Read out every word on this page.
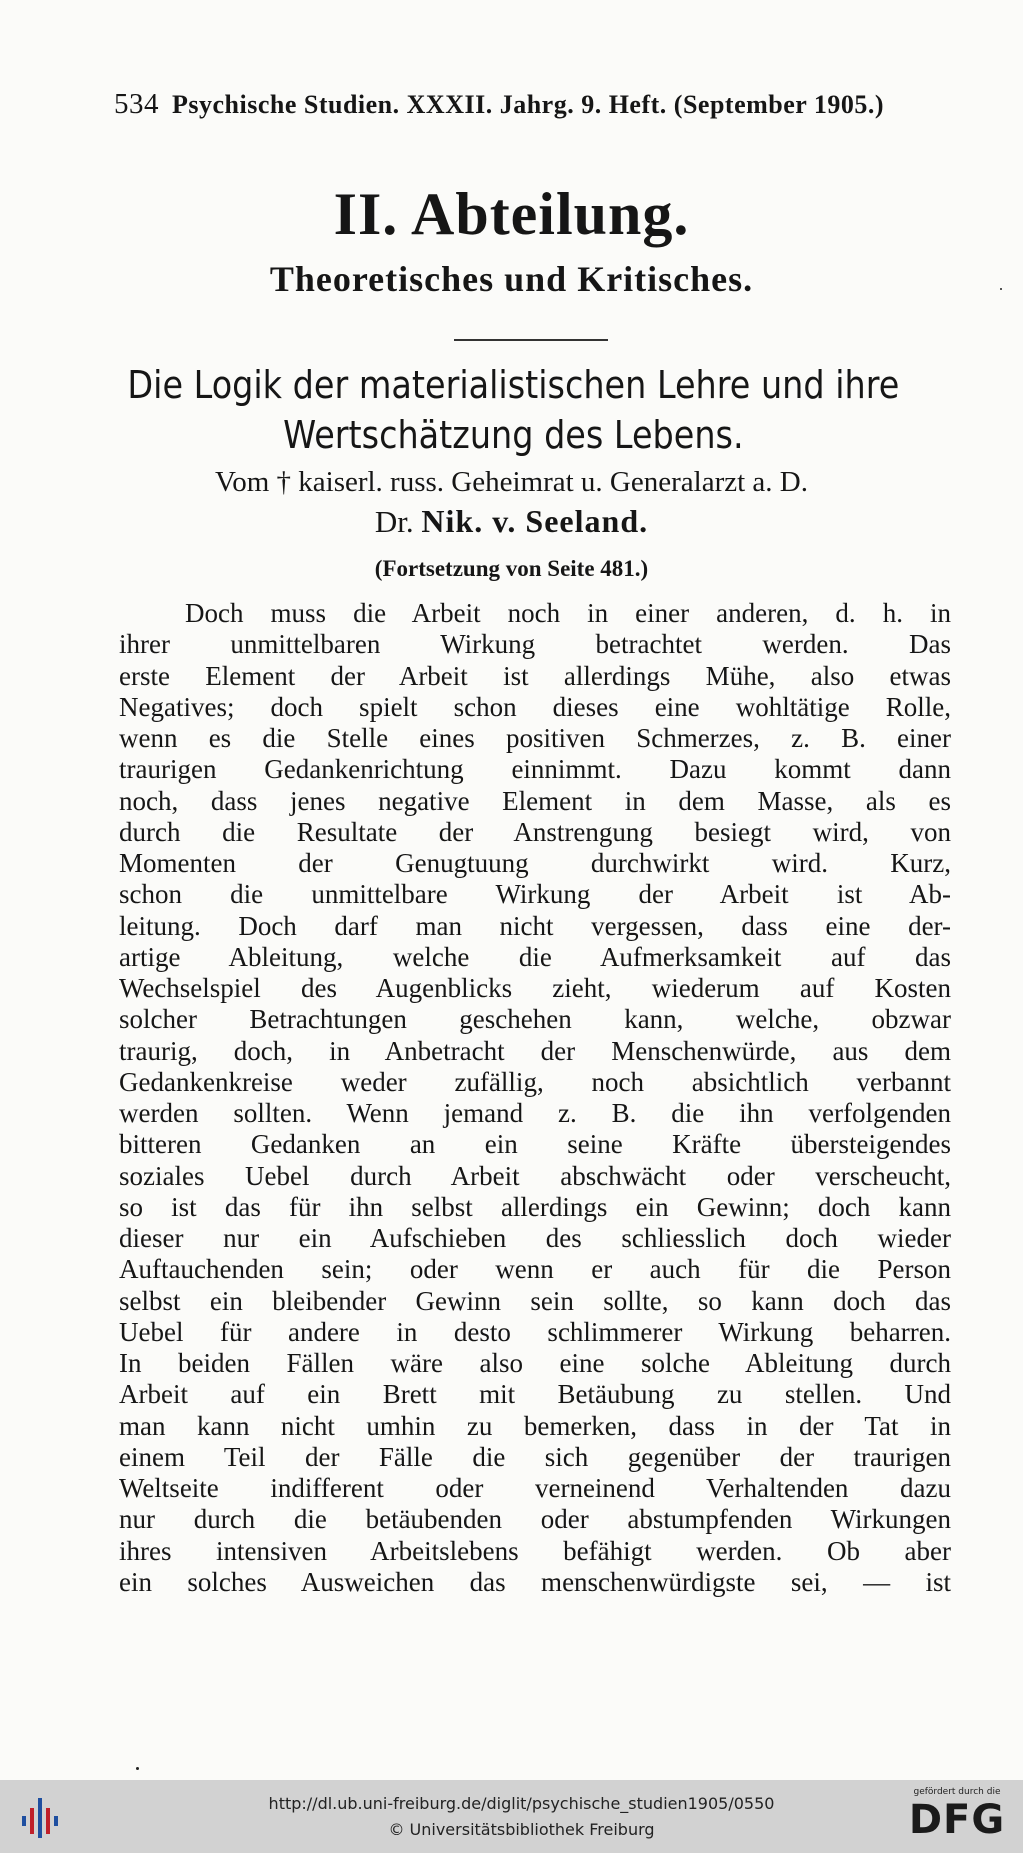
534 Psychische Studien. XXXII. Jahrg. 9. Heft. (September 1905.)
II. Abteilung.
Theoretisches und Kritisches.
Die Logik der materialistischen Lehre und ihre
Wertschätzung des Lebens.
Vom † kaiserl. russ. Geheimrat u. Generalarzt a. D.
Dr. Nik. v. Seeland.
(Fortsetzung von Seite 481.)
Doch muss die Arbeit noch in einer anderen, d. h. in
ihrer unmittelbaren Wirkung betrachtet werden. Das
erste Element der Arbeit ist allerdings Mühe, also etwas
Negatives; doch spielt schon dieses eine wohltätige Rolle,
wenn es die Stelle eines positiven Schmerzes, z. B. einer
traurigen Gedankenrichtung einnimmt. Dazu kommt dann
noch, dass jenes negative Element in dem Masse, als es
durch die Resultate der Anstrengung besiegt wird, von
Momenten der Genugtuung durchwirkt wird. Kurz,
schon die unmittelbare Wirkung der Arbeit ist Ab-
leitung. Doch darf man nicht vergessen, dass eine der-
artige Ableitung, welche die Aufmerksamkeit auf das
Wechselspiel des Augenblicks zieht, wiederum auf Kosten
solcher Betrachtungen geschehen kann, welche, obzwar
traurig, doch, in Anbetracht der Menschenwürde, aus dem
Gedankenkreise weder zufällig, noch absichtlich verbannt
werden sollten. Wenn jemand z. B. die ihn verfolgenden
bitteren Gedanken an ein seine Kräfte übersteigendes
soziales Uebel durch Arbeit abschwächt oder verscheucht,
so ist das für ihn selbst allerdings ein Gewinn; doch kann
dieser nur ein Aufschieben des schliesslich doch wieder
Auftauchenden sein; oder wenn er auch für die Person
selbst ein bleibender Gewinn sein sollte, so kann doch das
Uebel für andere in desto schlimmerer Wirkung beharren.
In beiden Fällen wäre also eine solche Ableitung durch
Arbeit auf ein Brett mit Betäubung zu stellen. Und
man kann nicht umhin zu bemerken, dass in der Tat in
einem Teil der Fälle die sich gegenüber der traurigen
Weltseite indifferent oder verneinend Verhaltenden dazu
nur durch die betäubenden oder abstumpfenden Wirkungen
ihres intensiven Arbeitslebens befähigt werden. Ob aber
ein solches Ausweichen das menschenwürdigste sei, — ist
http://dl.ub.uni-freiburg.de/diglit/psychische_studien1905/0550
© Universitätsbibliothek Freiburg
gefördert durch die
DFG
